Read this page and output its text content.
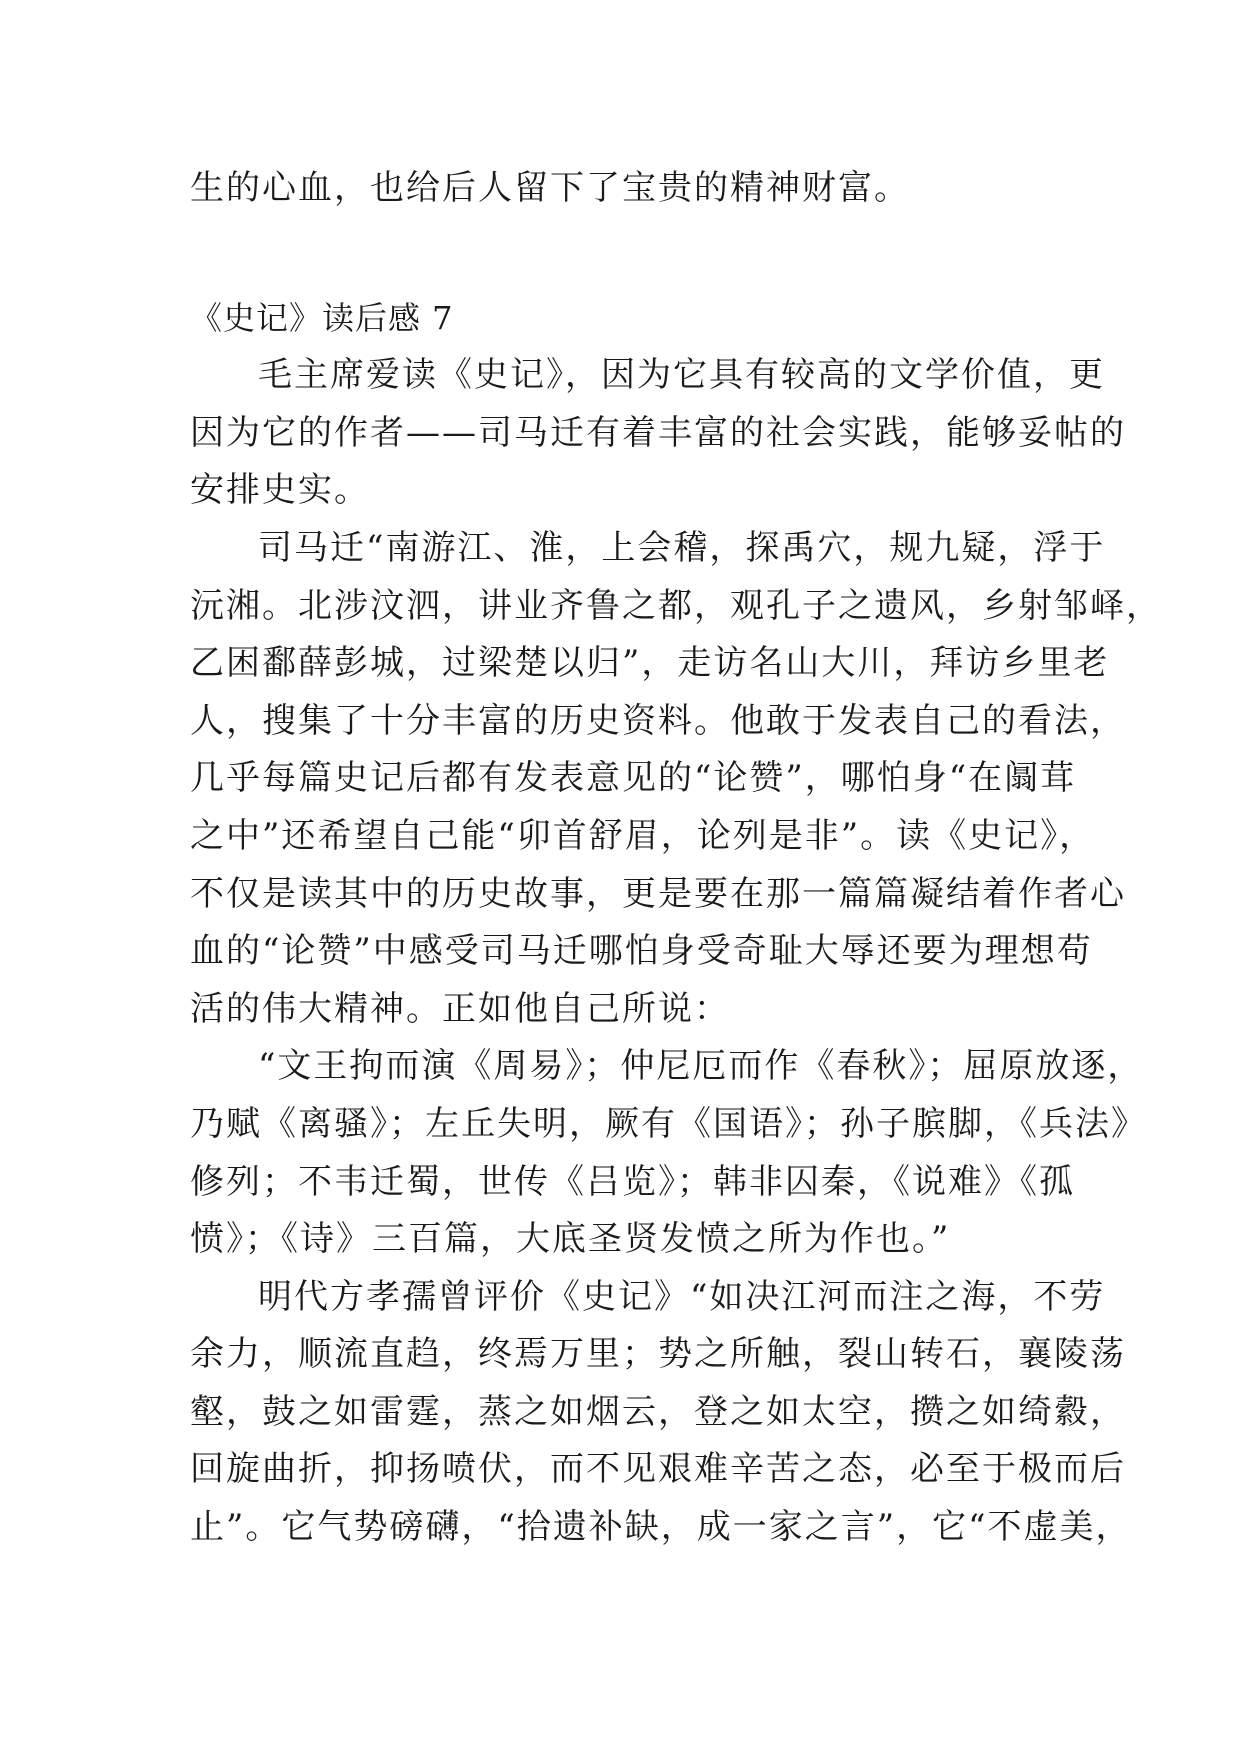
生的心血，也给后人留下了宝贵的精神财富。
《史记》读后感 7
毛主席爱读《史记》，因为它具有较高的文学价值，更
因为它的作者——司马迁有着丰富的社会实践，能够妥帖的
安排史实。
司马迁“南游江、淮，上会稽，探禹穴，规九疑，浮于
沅湘。北涉汶泗，讲业齐鲁之都，观孔子之遗风，乡射邹峄，
乙困鄱薛彭城，过梁楚以归”，走访名山大川，拜访乡里老
人，搜集了十分丰富的历史资料。他敢于发表自己的看法，
几乎每篇史记后都有发表意见的“论赞”，哪怕身“在阘茸
之中”还希望自己能“卯首舒眉，论列是非”。读《史记》，
不仅是读其中的历史故事，更是要在那一篇篇凝结着作者心
血的“论赞”中感受司马迁哪怕身受奇耻大辱还要为理想苟
活的伟大精神。正如他自己所说：
“文王拘而演《周易》；仲尼厄而作《春秋》；屈原放逐，
乃赋《离骚》；左丘失明，厥有《国语》；孙子膑脚，《兵法》
修列；不韦迁蜀，世传《吕览》；韩非囚秦，《说难》《孤
愤》；《诗》三百篇，大底圣贤发愤之所为作也。”
明代方孝孺曾评价《史记》“如决江河而注之海，不劳
余力，顺流直趋，终焉万里；势之所触，裂山转石，襄陵荡
壑，鼓之如雷霆，蒸之如烟云，登之如太空，攒之如绮縠，
回旋曲折，抑扬喷伏，而不见艰难辛苦之态，必至于极而后
止”。它气势磅礴，“拾遗补缺，成一家之言”，它“不虚美，
